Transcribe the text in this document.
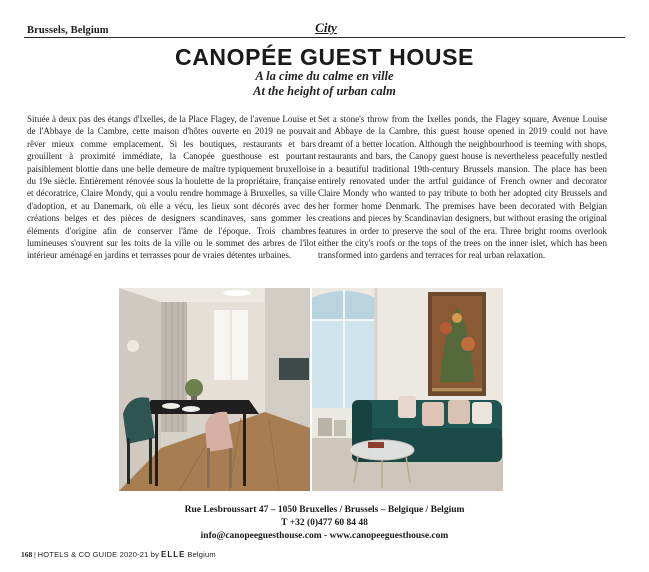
Brussels, Belgium	City
CANOPÉE GUEST HOUSE
A la cime du calme en ville
At the height of urban calm
Située à deux pas des étangs d'Ixelles, de la Place Flagey, de l'avenue Louise et de l'Abbaye de la Cambre, cette maison d'hôtes ouverte en 2019 ne pouvait rêver mieux comme emplacement. Si les boutiques, restaurants et bars grouillent à proximité immédiate, la Canopée guesthouse est pourtant paisiblement blottie dans une belle demeure de maître typiquement bruxelloise du 19e siècle. Entièrement rénovée sous la houlette de la propriétaire, française et décoratrice, Claire Mondy, qui a voulu rendre hommage à Bruxelles, sa ville d'adoption, et au Danemark, où elle a vécu, les lieux sont décorés avec des créations belges et des pièces de designers scandinaves, sans gommer les éléments d'origine afin de conserver l'âme de l'époque. Trois chambres lumineuses s'ouvrent sur les toits de la ville ou le sommet des arbres de l'îlot intérieur aménagé en jardins et terrasses pour de vraies détentes urbaines.
Set a stone's throw from the Ixelles ponds, the Flagey square, Avenue Louise and Abbaye de la Cambre, this guest house opened in 2019 could not have dreamt of a better location. Although the neighbourhood is teeming with shops, restaurants and bars, the Canopy guest house is nevertheless peacefully nestled in a beautiful traditional 19th-century Brussels mansion. The place has been entirely renovated under the artful guidance of French owner and decorator Claire Mondy who wanted to pay tribute to both her adopted city Brussels and her former home Denmark. The premises have been decorated with Belgian creations and pieces by Scandinavian designers, but without erasing the original features in order to preserve the soul of the era. Three bright rooms overlook either the city's roofs or the tops of the trees on the inner islet, which has been transformed into gardens and terraces for real urban relaxation.
Rue Lesbroussart 47 – 1050 Bruxelles / Brussels – Belgique / Belgium
T +32 (0)477 60 84 48
info@canopeeguesthouse.com - www.canopeeguesthouse.com
168 | HOTELS & CO GUIDE 2020-21 by ELLE Belgium
